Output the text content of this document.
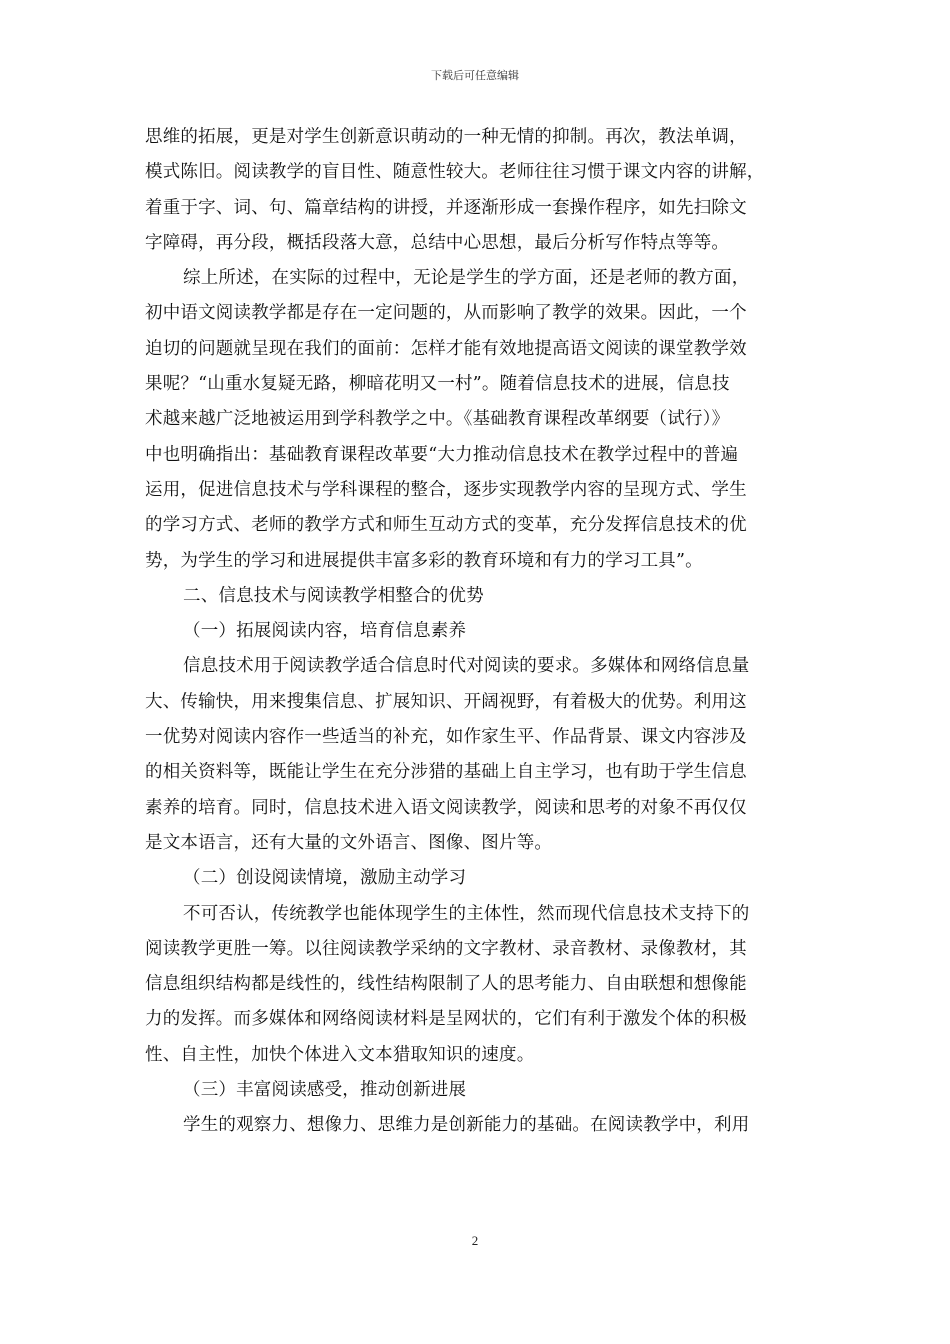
下载后可任意编辑
思维的拓展，更是对学生创新意识萌动的一种无情的抑制。再次，教法单调，
模式陈旧。阅读教学的盲目性、随意性较大。老师往往习惯于课文内容的讲解，
着重于字、词、句、篇章结构的讲授，并逐渐形成一套操作程序，如先扫除文
字障碍，再分段，概括段落大意，总结中心思想，最后分析写作特点等等。
综上所述，在实际的过程中，无论是学生的学方面，还是老师的教方面，
初中语文阅读教学都是存在一定问题的，从而影响了教学的效果。因此，一个
迫切的问题就呈现在我们的面前：怎样才能有效地提高语文阅读的课堂教学效
果呢？“山重水复疑无路，柳暗花明又一村”。随着信息技术的进展，信息技
术越来越广泛地被运用到学科教学之中。《基础教育课程改革纲要（试行）》
中也明确指出：基础教育课程改革要“大力推动信息技术在教学过程中的普遍
运用，促进信息技术与学科课程的整合，逐步实现教学内容的呈现方式、学生
的学习方式、老师的教学方式和师生互动方式的变革，充分发挥信息技术的优
势，为学生的学习和进展提供丰富多彩的教育环境和有力的学习工具”。
二、信息技术与阅读教学相整合的优势
（一）拓展阅读内容，培育信息素养
信息技术用于阅读教学适合信息时代对阅读的要求。多媒体和网络信息量
大、传输快，用来搜集信息、扩展知识、开阔视野，有着极大的优势。利用这
一优势对阅读内容作一些适当的补充，如作家生平、作品背景、课文内容涉及
的相关资料等，既能让学生在充分涉猎的基础上自主学习，也有助于学生信息
素养的培育。同时，信息技术进入语文阅读教学，阅读和思考的对象不再仅仅
是文本语言，还有大量的文外语言、图像、图片等。
（二）创设阅读情境，激励主动学习
不可否认，传统教学也能体现学生的主体性，然而现代信息技术支持下的
阅读教学更胜一筹。以往阅读教学采纳的文字教材、录音教材、录像教材，其
信息组织结构都是线性的，线性结构限制了人的思考能力、自由联想和想像能
力的发挥。而多媒体和网络阅读材料是呈网状的，它们有利于激发个体的积极
性、自主性，加快个体进入文本猎取知识的速度。
（三）丰富阅读感受，推动创新进展
学生的观察力、想像力、思维力是创新能力的基础。在阅读教学中，利用
2
